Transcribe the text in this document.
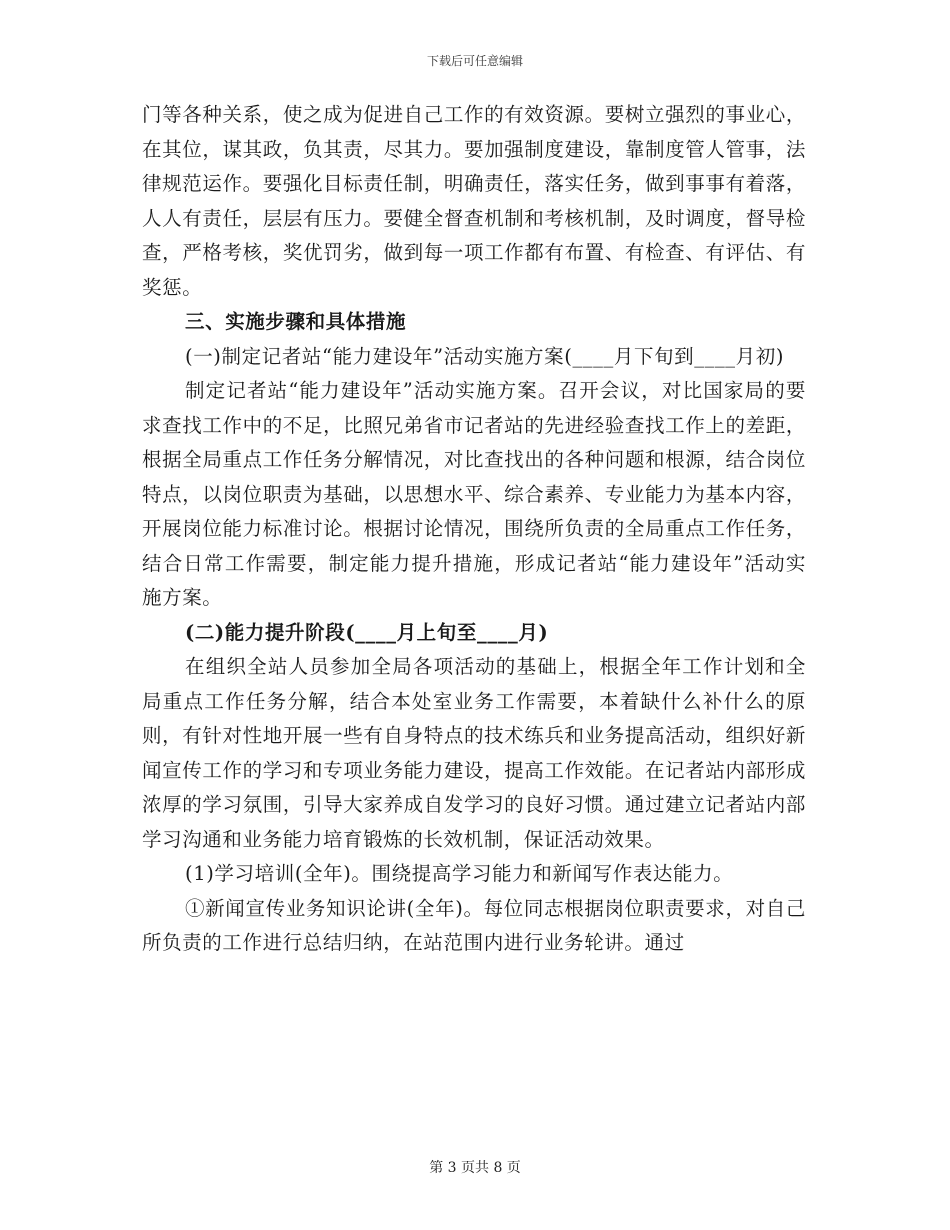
下载后可任意编辑

门等各种关系，使之成为促进自己工作的有效资源。要树立强烈的事业心，在其位，谋其政，负其责，尽其力。要加强制度建设，靠制度管人管事，法律规范运作。要强化目标责任制，明确责任，落实任务，做到事事有着落，人人有责任，层层有压力。要健全督查机制和考核机制，及时调度，督导检查，严格考核，奖优罚劣，做到每一项工作都有布置、有检查、有评估、有奖惩。

三、实施步骤和具体措施

(一)制定记者站“能力建设年”活动实施方案(____月下旬到____月初)

制定记者站“能力建设年”活动实施方案。召开会议，对比国家局的要求查找工作中的不足，比照兄弟省市记者站的先进经验查找工作上的差距，根据全局重点工作任务分解情况，对比查找出的各种问题和根源，结合岗位特点，以岗位职责为基础，以思想水平、综合素养、专业能力为基本内容，开展岗位能力标准讨论。根据讨论情况，围绕所负责的全局重点工作任务，结合日常工作需要，制定能力提升措施，形成记者站“能力建设年”活动实施方案。

(二)能力提升阶段(____月上旬至____月)

在组织全站人员参加全局各项活动的基础上，根据全年工作计划和全局重点工作任务分解，结合本处室业务工作需要，本着缺什么补什么的原则，有针对性地开展一些有自身特点的技术练兵和业务提高活动，组织好新闻宣传工作的学习和专项业务能力建设，提高工作效能。在记者站内部形成浓厚的学习氛围，引导大家养成自发学习的良好习惯。通过建立记者站内部学习沟通和业务能力培育锻炼的长效机制，保证活动效果。

(1)学习培训(全年)。围绕提高学习能力和新闻写作表达能力。

①新闻宣传业务知识论讲(全年)。每位同志根据岗位职责要求，对自己所负责的工作进行总结归纳，在站范围内进行业务轮讲。通过

第 3 页共 8 页
